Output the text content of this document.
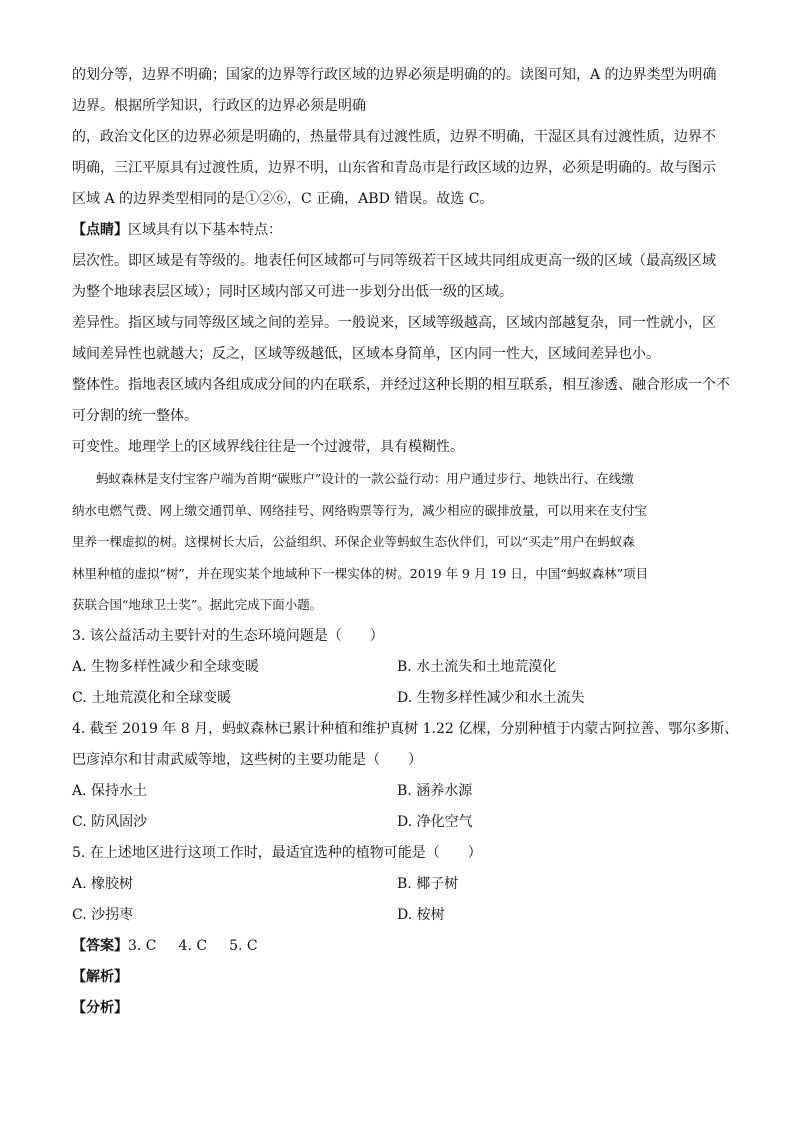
的划分等，边界不明确；国家的边界等行政区域的边界必须是明确的的。读图可知，A 的边界类型为明确
边界。根据所学知识，行政区的边界必须是明确
的，政治文化区的边界必须是明确的，热量带具有过渡性质，边界不明确，干湿区具有过渡性质，边界不
明确，三江平原具有过渡性质，边界不明，山东省和青岛市是行政区域的边界，必须是明确的。故与图示
区域 A 的边界类型相同的是①②⑥，C 正确，ABD 错误。故选 C。
【点睛】区域具有以下基本特点：
层次性。即区域是有等级的。地表任何区域都可与同等级若干区域共同组成更高一级的区域（最高级区域
为整个地球表层区域）；同时区域内部又可进一步划分出低一级的区域。
差异性。指区域与同等级区域之间的差异。一般说来，区域等级越高，区域内部越复杂，同一性就小，区
域间差异性也就越大；反之，区域等级越低，区域本身简单，区内同一性大，区域间差异也小。
整体性。指地表区域内各组成成分间的内在联系，并经过这种长期的相互联系，相互渗透、融合形成一个不
可分割的统一整体。
可变性。地理学上的区域界线往往是一个过渡带，具有模糊性。
蚂蚁森林是支付宝客户端为首期“碳账户”设计的一款公益行动：用户通过步行、地铁出行、在线缴
纳水电燃气费、网上缴交通罚单、网络挂号、网络购票等行为，减少相应的碳排放量，可以用来在支付宝
里养一棵虚拟的树。这棵树长大后，公益组织、环保企业等蚂蚁生态伙伴们，可以“买走”用户在蚂蚁森
林里种植的虚拟“树”，并在现实某个地域种下一棵实体的树。2019 年 9 月 19 日，中国“蚂蚁森林”项目
获联合国“地球卫士奖”。据此完成下面小题。
3. 该公益活动主要针对的生态环境问题是（　　）
A. 生物多样性减少和全球变暖	B. 水土流失和土地荒漠化
C. 土地荒漠化和全球变暖	D. 生物多样性减少和水土流失
4. 截至 2019 年 8 月，蚂蚁森林已累计种植和维护真树 1.22 亿棵，分别种植于内蒙古阿拉善、鄂尔多斯、
巴彦淖尔和甘肃武威等地，这些树的主要功能是（　　）
A. 保持水土	B. 涵养水源
C. 防风固沙	D. 净化空气
5. 在上述地区进行这项工作时，最适宜选种的植物可能是（　　）
A. 橡胶树	B. 椰子树
C. 沙拐枣	D. 桉树
【答案】3. C 4. C 5. C
【解析】
【分析】
